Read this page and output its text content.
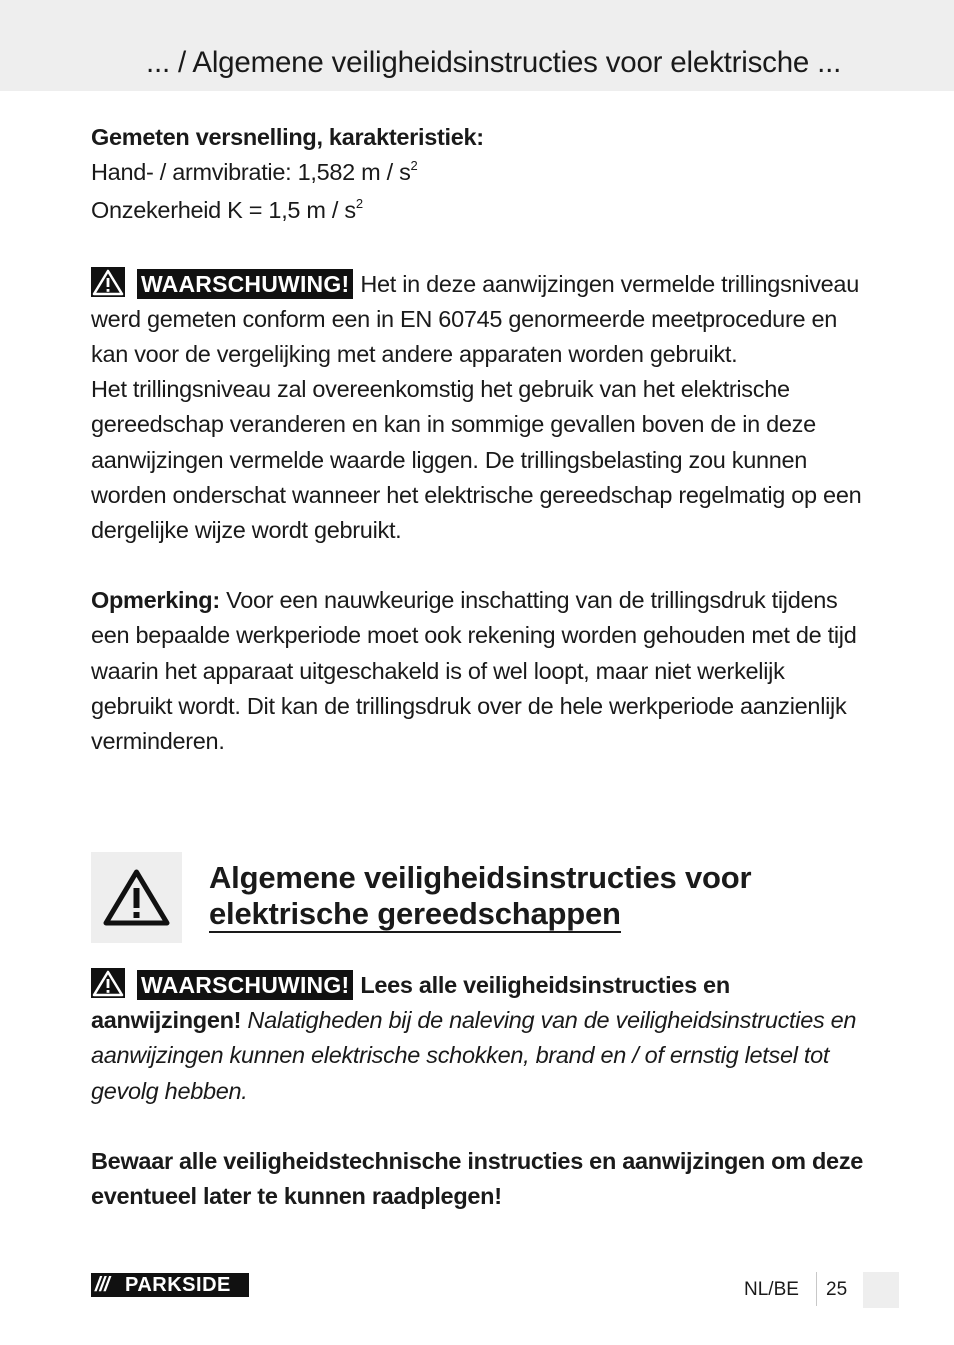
... / Algemene veiligheidsinstructies voor elektrische ...

Gemeten versnelling, karakteristiek:

Hand- / armvibratie: 1,582 m / $s^2$

Onzekerheid K = 1,5 m / $s^2$

WAARSCHUWING! Het in deze aanwijzingen vermelde trillingsniveau werd gemeten conform een in EN 60745 genormeerde meetprocedure en kan voor de vergelijking met andere apparaten worden gebruikt.

Het trillingsniveau zal overeenkomstig het gebruik van het elektrische gereedschap veranderen en kan in sommige gevallen boven de in deze aanwijzingen vermelde waarde liggen. De trillingsbelasting zou kunnen worden onderschat wanneer het elektrische gereedschap regelmatig op een dergelijke wijze wordt gebruikt.

Opmerking: Voor een nauwkeurige inschatting van de trillingsdruk tijdens een bepaalde werkperiode moet ook rekening worden gehouden met de tijd waarin het apparaat uitgeschakeld is of wel loopt, maar niet werkelijk gebruikt wordt. Dit kan de trillingsdruk over de hele werkperiode aanzienlijk verminderen.

Algemene veiligheidsinstructies voor
elektrische gereedschappen

WAARSCHUWING! Lees alle veiligheidsinstructies en aanwijzingen! Nalatigheden bij de naleving van de veiligheidsinstructies en aanwijzingen kunnen elektrische schokken, brand en / of ernstig letsel tot gevolg hebben.

Bewaar alle veiligheidstechnische instructies en aanwijzingen om deze eventueel later te kunnen raadplegen!

/// PARKSIDE	NL/BE 25
